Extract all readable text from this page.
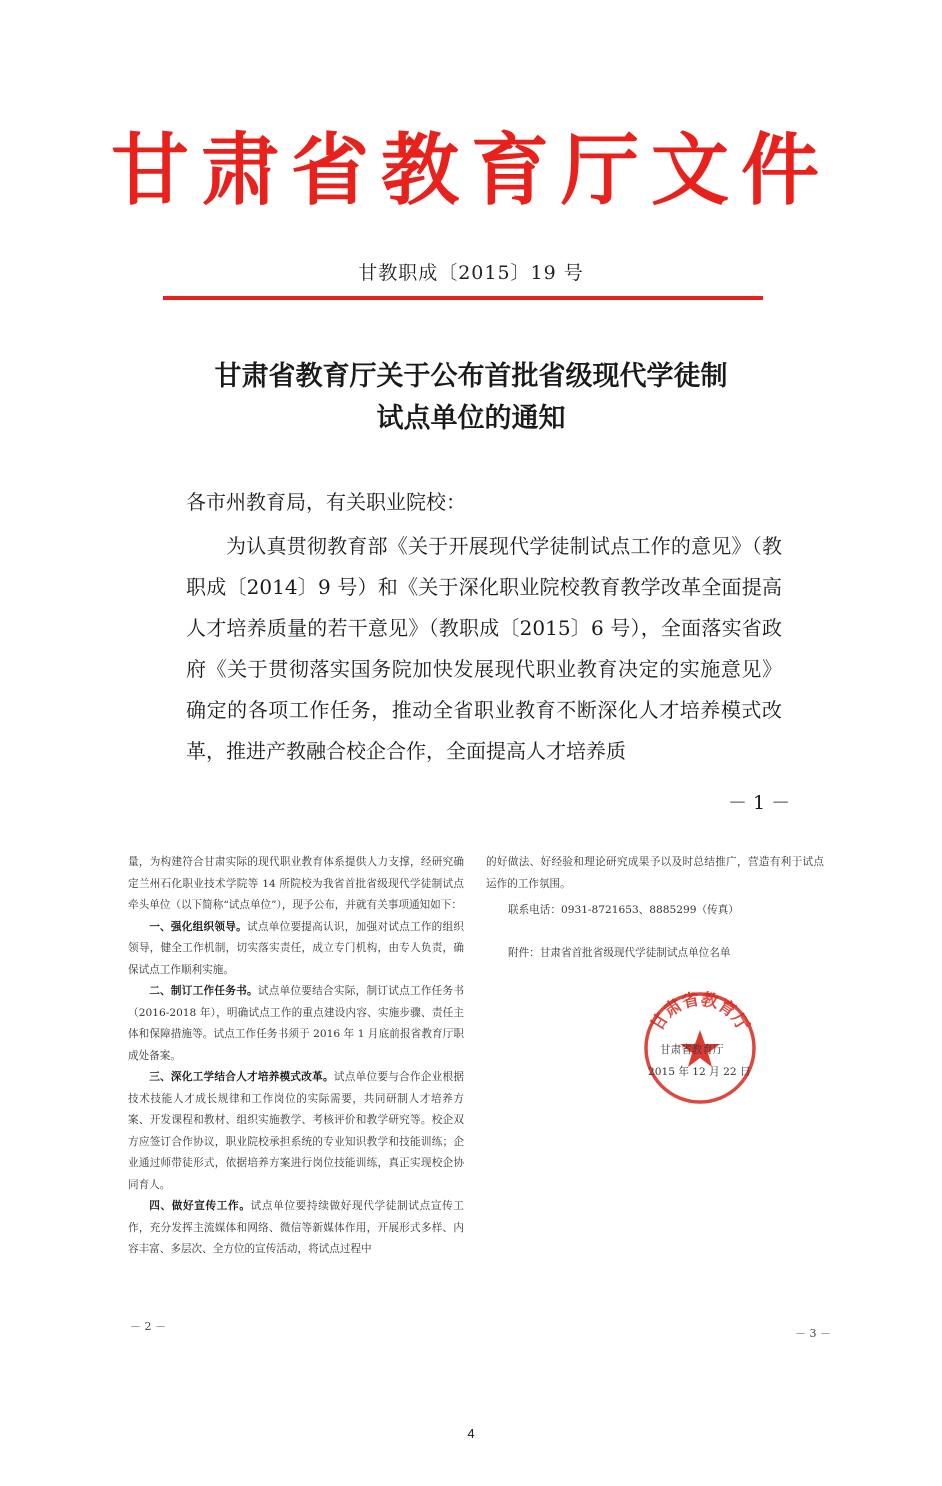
甘肃省教育厅文件
甘教职成〔2015〕19 号
甘肃省教育厅关于公布首批省级现代学徒制
试点单位的通知
各市州教育局，有关职业院校：

为认真贯彻教育部《关于开展现代学徒制试点工作的意见》（教职成〔2014〕9 号）和《关于深化职业院校教育教学改革全面提高人才培养质量的若干意见》（教职成〔2015〕6 号），全面落实省政府《关于贯彻落实国务院加快发展现代职业教育决定的实施意见》确定的各项工作任务，推动全省职业教育不断深化人才培养模式改革，推进产教融合校企合作，全面提高人才培养质

－ 1 －

量，为构建符合甘肃实际的现代职业教育体系提供人力支撑，经研究确定兰州石化职业技术学院等 14 所院校为我省首批省级现代学徒制试点牵头单位（以下简称“试点单位”），现予公布，并就有关事项通知如下：

一、强化组织领导。试点单位要提高认识，加强对试点工作的组织领导，健全工作机制，切实落实责任，成立专门机构，由专人负责，确保试点工作顺利实施。

二、制订工作任务书。试点单位要结合实际，制订试点工作任务书（2016-2018 年），明确试点工作的重点建设内容、实施步骤、责任主体和保障措施等。试点工作任务书须于 2016 年 1 月底前报省教育厅职成处备案。

三、深化工学结合人才培养模式改革。试点单位要与合作企业根据技术技能人才成长规律和工作岗位的实际需要，共同研制人才培养方案、开发课程和教材、组织实施教学、考核评价和教学研究等。校企双方应签订合作协议，职业院校承担系统的专业知识教学和技能训练；企业通过师带徒形式，依据培养方案进行岗位技能训练，真正实现校企协同育人。

四、做好宣传工作。试点单位要持续做好现代学徒制试点宣传工作，充分发挥主流媒体和网络、微信等新媒体作用，开展形式多样、内容丰富、多层次、全方位的宣传活动，将试点过程中

－ 2 －

的好做法、好经验和理论研究成果予以及时总结推广，营造有利于试点运作的工作氛围。

联系电话：0931-8721653、8885299（传真）
附件：甘肃省首批省级现代学徒制试点单位名单
甘肃省教育厅
甘肃省教育厅
2015 年 12 月 22 日
－ 3 －
4
